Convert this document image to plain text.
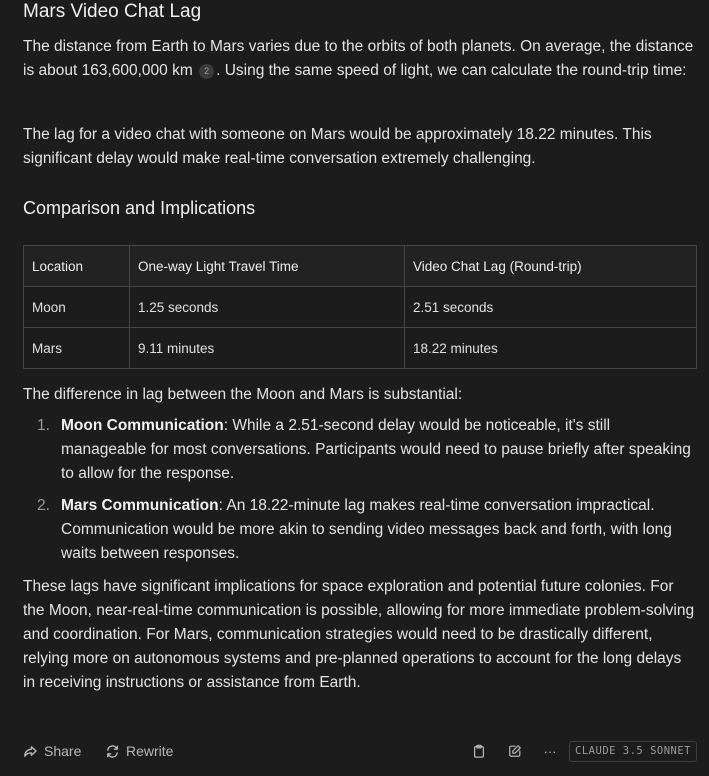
Mars Video Chat Lag

The distance from Earth to Mars varies due to the orbits of both planets. On average, the distance is about 163,600,000 km 2 . Using the same speed of light, we can calculate the round-trip time:

The lag for a video chat with someone on Mars would be approximately 18.22 minutes. This significant delay would make real-time conversation extremely challenging.

Comparison and Implications
Location	One-way Light Travel Time	Video Chat Lag (Round-trip)
Moon	1.25 seconds	2.51 seconds
Mars	9.11 minutes	18.22 minutes

The difference in lag between the Moon and Mars is substantial:

1. Moon Communication: While a 2.51-second delay would be noticeable, it's still manageable for most conversations. Participants would need to pause briefly after speaking to allow for the response.
2. Mars Communication: An 18.22-minute lag makes real-time conversation impractical. Communication would be more akin to sending video messages back and forth, with long waits between responses.

These lags have significant implications for space exploration and potential future colonies. For the Moon, near-real-time communication is possible, allowing for more immediate problem-solving and coordination. For Mars, communication strategies would need to be drastically different, relying more on autonomous systems and pre-planned operations to account for the long delays in receiving instructions or assistance from Earth.

Share	Rewrite	···	CLAUDE 3.5 SONNET
